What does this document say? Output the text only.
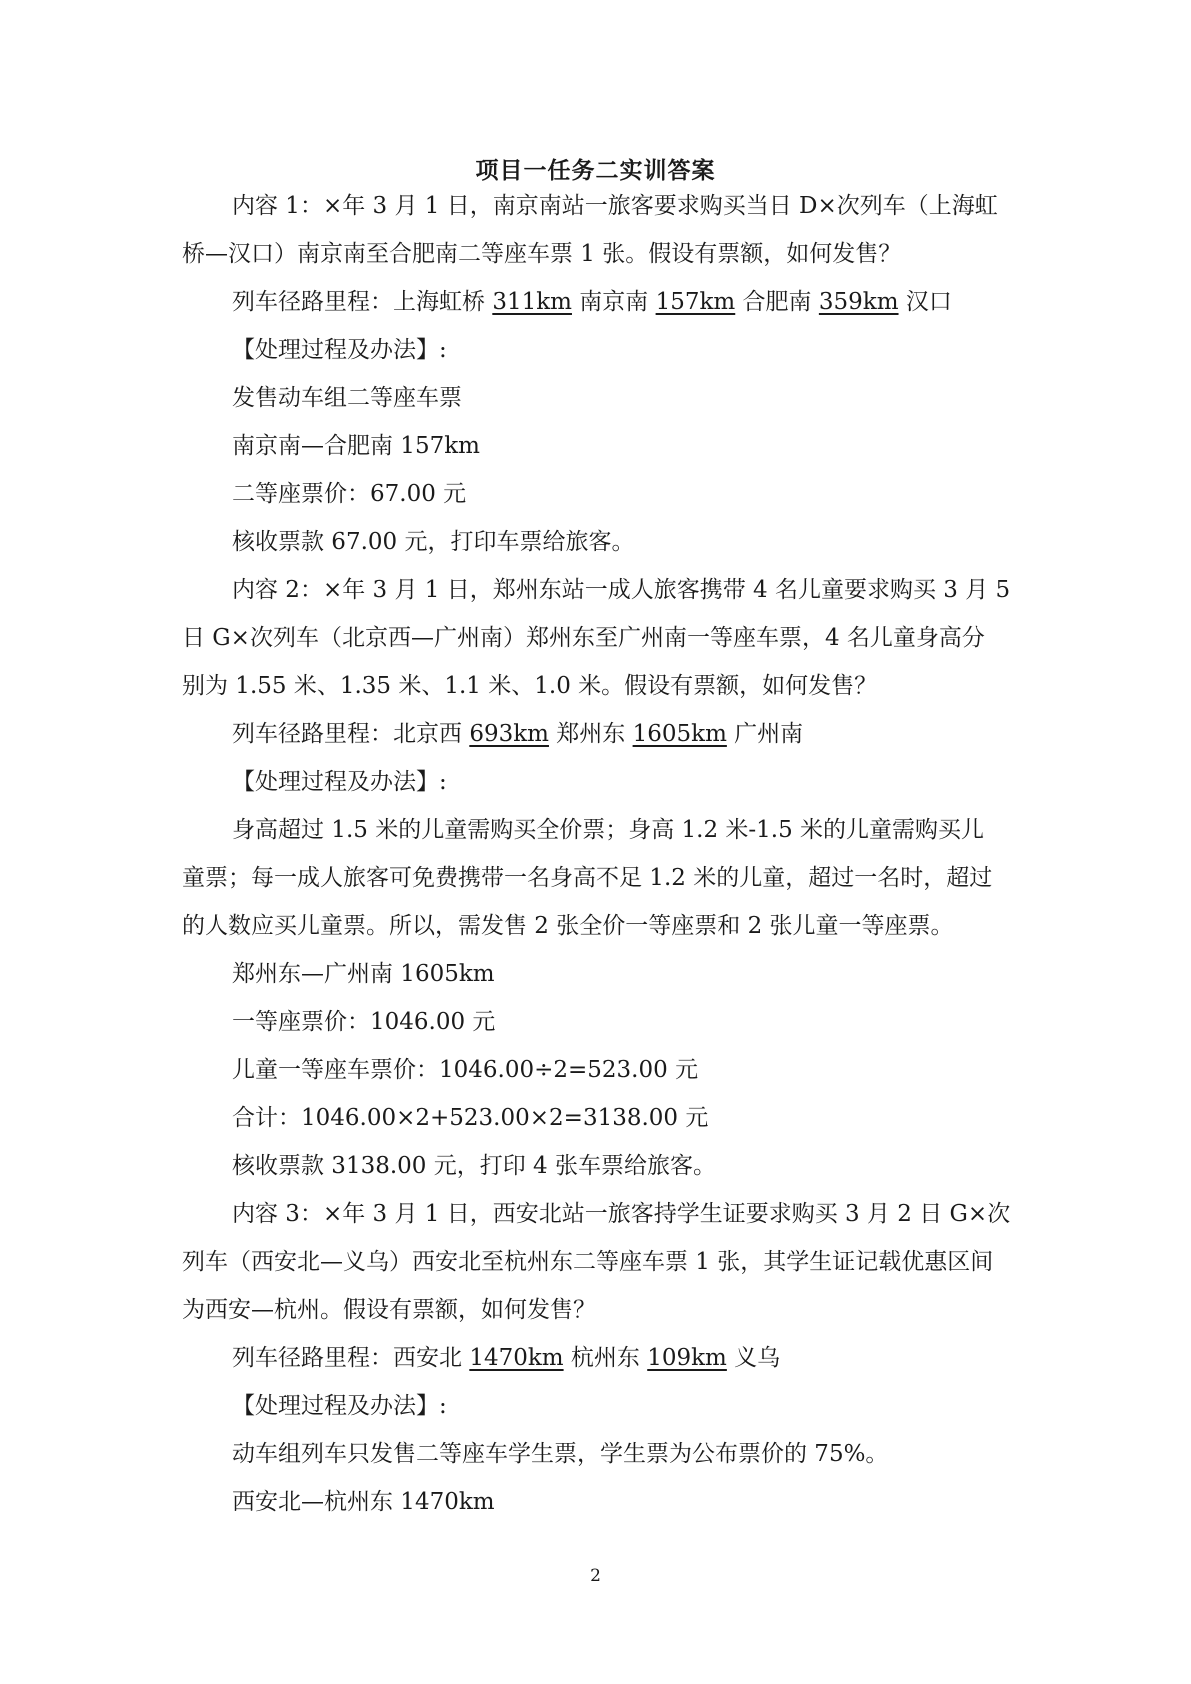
项目一任务二实训答案
内容 1：×年 3 月 1 日，南京南站一旅客要求购买当日 D×次列车（上海虹
桥—汉口）南京南至合肥南二等座车票 1 张。假设有票额，如何发售？
列车径路里程：上海虹桥 311km 南京南 157km 合肥南 359km 汉口
【处理过程及办法】:
发售动车组二等座车票
南京南—合肥南 157km
二等座票价：67.00 元
核收票款 67.00 元，打印车票给旅客。
内容 2：×年 3 月 1 日，郑州东站一成人旅客携带 4 名儿童要求购买 3 月 5
日 G×次列车（北京西—广州南）郑州东至广州南一等座车票，4 名儿童身高分
别为 1.55 米、1.35 米、1.1 米、1.0 米。假设有票额，如何发售？
列车径路里程：北京西 693km 郑州东 1605km 广州南
【处理过程及办法】:
身高超过 1.5 米的儿童需购买全价票；身高 1.2 米-1.5 米的儿童需购买儿
童票；每一成人旅客可免费携带一名身高不足 1.2 米的儿童，超过一名时，超过
的人数应买儿童票。所以，需发售 2 张全价一等座票和 2 张儿童一等座票。
郑州东—广州南 1605km
一等座票价：1046.00 元
儿童一等座车票价：1046.00÷2=523.00 元
合计：1046.00×2+523.00×2=3138.00 元
核收票款 3138.00 元，打印 4 张车票给旅客。
内容 3：×年 3 月 1 日，西安北站一旅客持学生证要求购买 3 月 2 日 G×次
列车（西安北—义乌）西安北至杭州东二等座车票 1 张，其学生证记载优惠区间
为西安—杭州。假设有票额，如何发售？
列车径路里程：西安北 1470km 杭州东 109km 义乌
【处理过程及办法】:
动车组列车只发售二等座车学生票，学生票为公布票价的 75%。
西安北—杭州东 1470km
2
